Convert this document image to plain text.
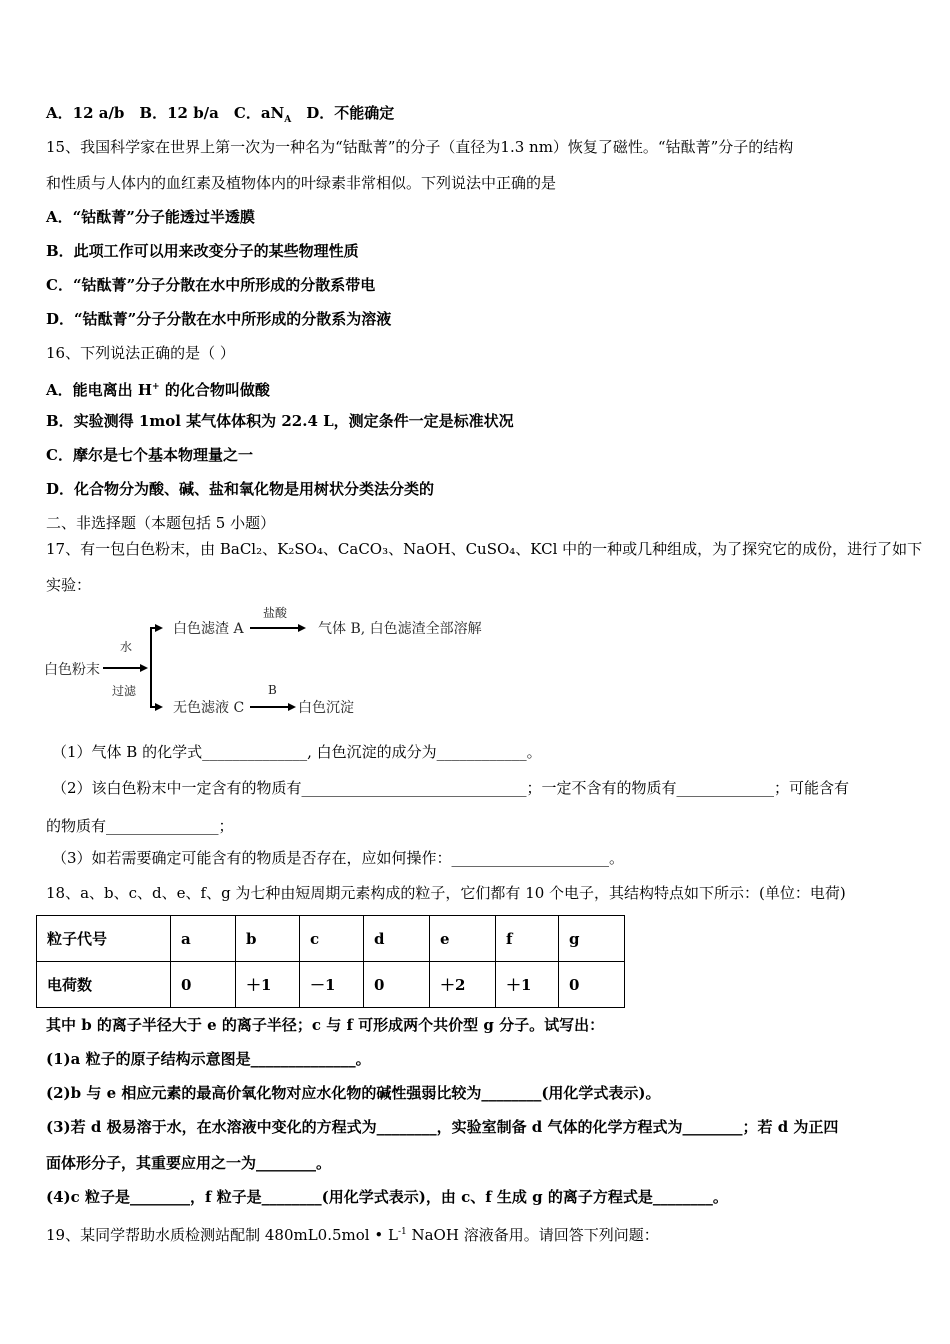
A．12 a/b　B．12 b/a　C．$aN_A$　D．不能确定
15、我国科学家在世界上第一次为一种名为“钴酞菁”的分子（直径为1.3 nm）恢复了磁性。“钴酞菁”分子的结构
和性质与人体内的血红素及植物体内的叶绿素非常相似。下列说法中正确的是
A．“钴酞菁”分子能透过半透膜
B．此项工作可以用来改变分子的某些物理性质
C．“钴酞菁”分子分散在水中所形成的分散系带电
D．“钴酞菁”分子分散在水中所形成的分散系为溶液
16、下列说法正确的是（ ）
A．能电离出 H+ 的化合物叫做酸
B．实验测得 1mol 某气体体积为 22.4 L，测定条件一定是标准状况
C．摩尔是七个基本物理量之一
D．化合物分为酸、碱、盐和氧化物是用树状分类法分类的
二、非选择题（本题包括 5 小题）
17、有一包白色粉末，由 BaCl₂、K₂SO₄、CaCO₃、NaOH、CuSO₄、KCl 中的一种或几种组成，为了探究它的成份，进行了如下
实验：
白色粉末
水
过滤
白色滤渣 A
盐酸
气体 B, 白色滤渣全部溶解
无色滤液 C
B
白色沉淀
（1）气体 B 的化学式______________, 白色沉淀的成分为____________。
（2）该白色粉末中一定含有的物质有______________________________；一定不含有的物质有_____________；可能含有
的物质有_______________；
（3）如若需要确定可能含有的物质是否存在，应如何操作：_____________________。
18、a、b、c、d、e、f、g 为七种由短周期元素构成的粒子，它们都有 10 个电子，其结构特点如下所示：(单位：电荷)
粒子代号	a	b	c	d	e	f	g
电荷数	0	＋1	－1	0	＋2	＋1	0
其中 b 的离子半径大于 e 的离子半径；c 与 f 可形成两个共价型 g 分子。试写出：
(1)a 粒子的原子结构示意图是______________。
(2)b 与 e 相应元素的最高价氧化物对应水化物的碱性强弱比较为________(用化学式表示)。
(3)若 d 极易溶于水，在水溶液中变化的方程式为________，实验室制备 d 气体的化学方程式为________；若 d 为正四
面体形分子，其重要应用之一为________。
(4)c 粒子是________，f 粒子是________(用化学式表示)，由 c、f 生成 g 的离子方程式是________。
19、某同学帮助水质检测站配制 480mL0.5mol • $L^{-1}$ NaOH 溶液备用。请回答下列问题：
